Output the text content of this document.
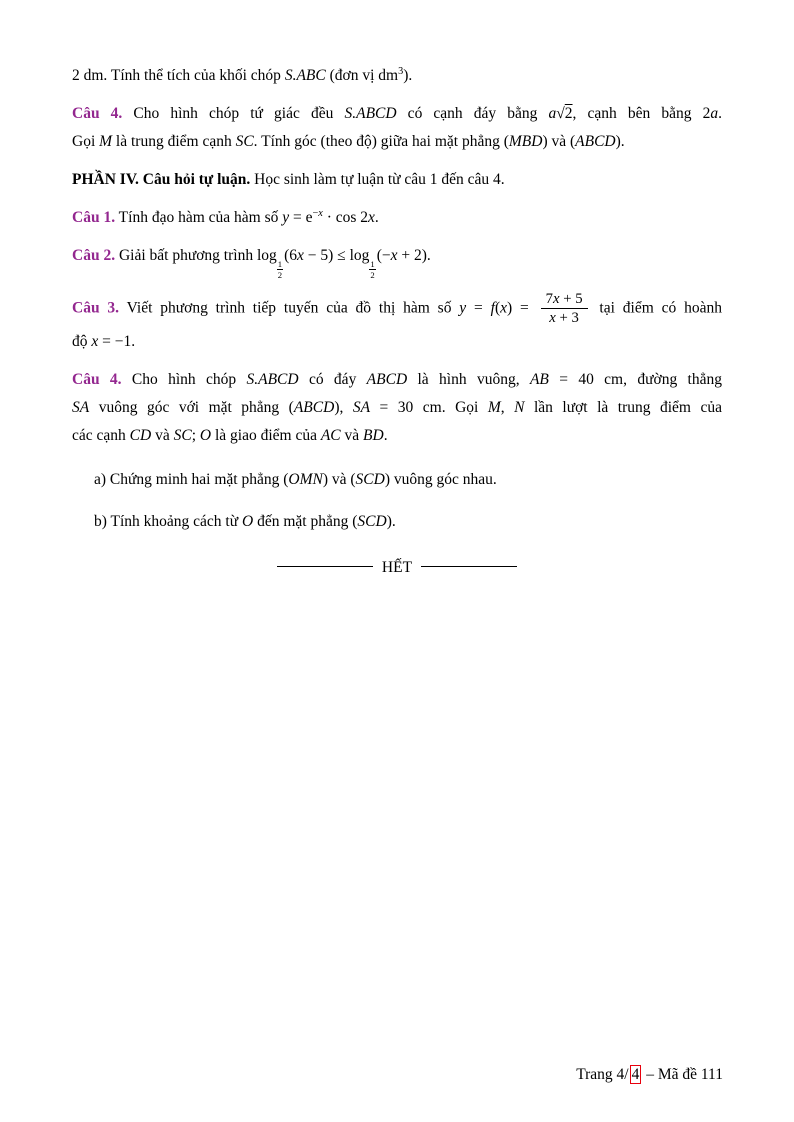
2 dm. Tính thể tích của khối chóp S.ABC (đơn vị $dm^3$).
Câu 4. Cho hình chóp tứ giác đều S.ABCD có cạnh đáy bằng a√2, cạnh bên bằng 2a.
Gọi M là trung điểm cạnh SC. Tính góc (theo độ) giữa hai mặt phẳng (MBD) và (ABCD).
PHẦN IV. Câu hỏi tự luận. Học sinh làm tự luận từ câu 1 đến câu 4.
Câu 1. Tính đạo hàm của hàm số $y = e^{-x} \cdot \cos 2x$.
Câu 2. Giải bất phương trình log
$\frac{1}{2}$
(6x − 5) ≤ log
$\frac{1}{2}$
(−x + 2).
Câu 3. Viết phương trình tiếp tuyến của đồ thị hàm số $y = f(x) = \frac{7x + 5}{x + 3}$ tại điểm có hoành
độ x = −1.
Câu 4. Cho hình chóp S.ABCD có đáy ABCD là hình vuông, AB = 40 cm, đường thẳng
SA vuông góc với mặt phẳng (ABCD), SA = 30 cm. Gọi M, N lần lượt là trung điểm của
các cạnh CD và SC; O là giao điểm của AC và BD.
a) Chứng minh hai mặt phẳng (OMN) và (SCD) vuông góc nhau.
b) Tính khoảng cách từ O đến mặt phẳng (SCD).
HẾT
Trang 4/ 4 – Mã đề 111
